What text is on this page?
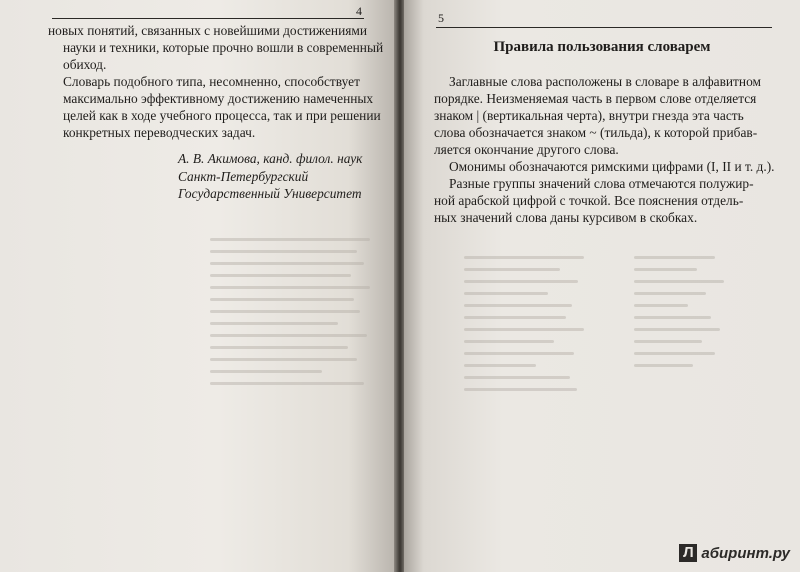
4

новых понятий, связанных с новейшими достижениями

науки и техники, которые прочно вошли в современный

обиход.

Словарь подобного типа, несомненно, способствует

максимально эффективному достижению намеченных

целей как в ходе учебного процесса, так и при решении

конкретных переводческих задач.

А. В. Акимова, канд. филол. наук

Санкт-Петербургский

Государственный Университет

5
Правила пользования словарем

Заглавные слова расположены в словаре в алфавитном

порядке. Неизменяемая часть в первом слове отделяется

знаком | (вертикальная черта), внутри гнезда эта часть

слова обозначается знаком ~ (тильда), к которой прибав-

ляется окончание другого слова.

Омонимы обозначаются римскими цифрами (I, II и т. д.).

Разные группы значений слова отмечаются полужир-

ной арабской цифрой с точкой. Все пояснения отдель-

ных значений слова даны курсивом в скобках.

Л абиринт.ру
